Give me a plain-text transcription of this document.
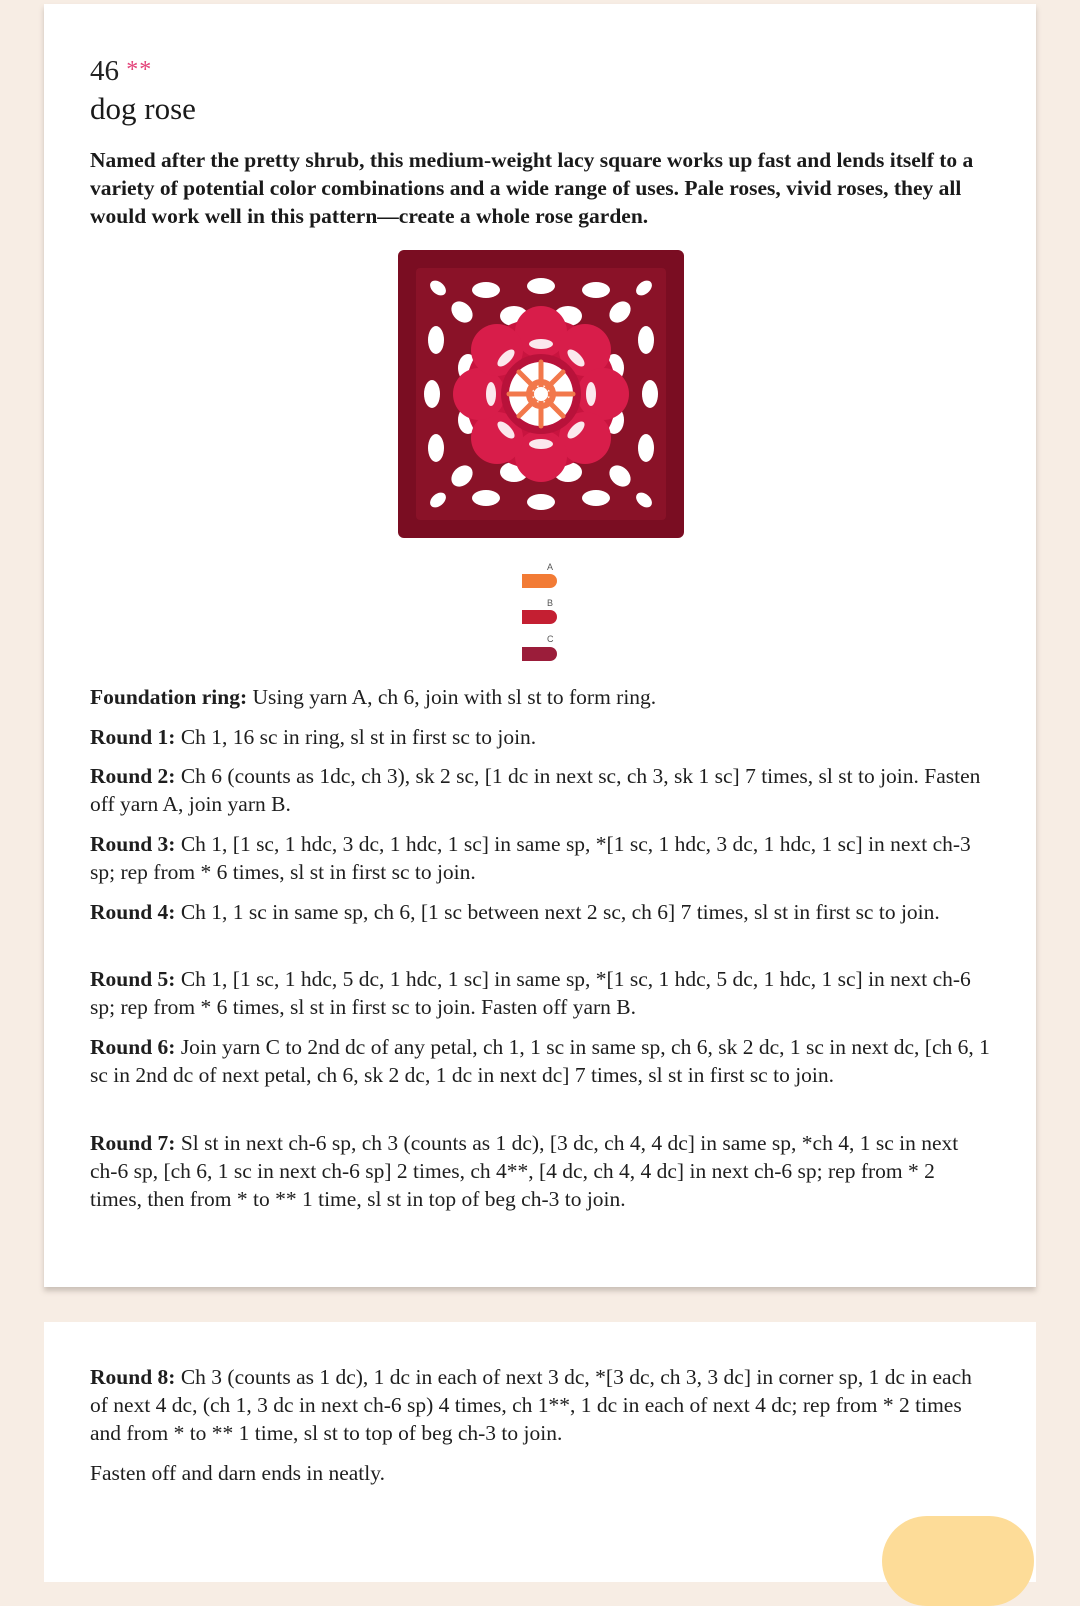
46 **
dog rose
Named after the pretty shrub, this medium-weight lacy square works up fast and lends itself to a variety of potential color combinations and a wide range of uses. Pale roses, vivid roses, they all would work well in this pattern—create a whole rose garden.
A
B
C

Foundation ring: Using yarn A, ch 6, join with sl st to form ring.

Round 1: Ch 1, 16 sc in ring, sl st in first sc to join.

Round 2: Ch 6 (counts as 1dc, ch 3), sk 2 sc, [1 dc in next sc, ch 3, sk 1 sc] 7 times, sl st to join. Fasten off yarn A, join yarn B.

Round 3: Ch 1, [1 sc, 1 hdc, 3 dc, 1 hdc, 1 sc] in same sp, *[1 sc, 1 hdc, 3 dc, 1 hdc, 1 sc] in next ch-3 sp; rep from * 6 times, sl st in first sc to join.

Round 4: Ch 1, 1 sc in same sp, ch 6, [1 sc between next 2 sc, ch 6] 7 times, sl st in first sc to join.

Round 5: Ch 1, [1 sc, 1 hdc, 5 dc, 1 hdc, 1 sc] in same sp, *[1 sc, 1 hdc, 5 dc, 1 hdc, 1 sc] in next ch-6 sp; rep from * 6 times, sl st in first sc to join. Fasten off yarn B.

Round 6: Join yarn C to 2nd dc of any petal, ch 1, 1 sc in same sp, ch 6, sk 2 dc, 1 sc in next dc, [ch 6, 1 sc in 2nd dc of next petal, ch 6, sk 2 dc, 1 dc in next dc] 7 times, sl st in first sc to join.

Round 7: Sl st in next ch-6 sp, ch 3 (counts as 1 dc), [3 dc, ch 4, 4 dc] in same sp, *ch 4, 1 sc in next ch-6 sp, [ch 6, 1 sc in next ch-6 sp] 2 times, ch 4**, [4 dc, ch 4, 4 dc] in next ch-6 sp; rep from * 2 times, then from * to ** 1 time, sl st in top of beg ch-3 to join.

Round 8: Ch 3 (counts as 1 dc), 1 dc in each of next 3 dc, *[3 dc, ch 3, 3 dc] in corner sp, 1 dc in each of next 4 dc, (ch 1, 3 dc in next ch-6 sp) 4 times, ch 1**, 1 dc in each of next 4 dc; rep from * 2 times and from * to ** 1 time, sl st to top of beg ch-3 to join.

Fasten off and darn ends in neatly.
